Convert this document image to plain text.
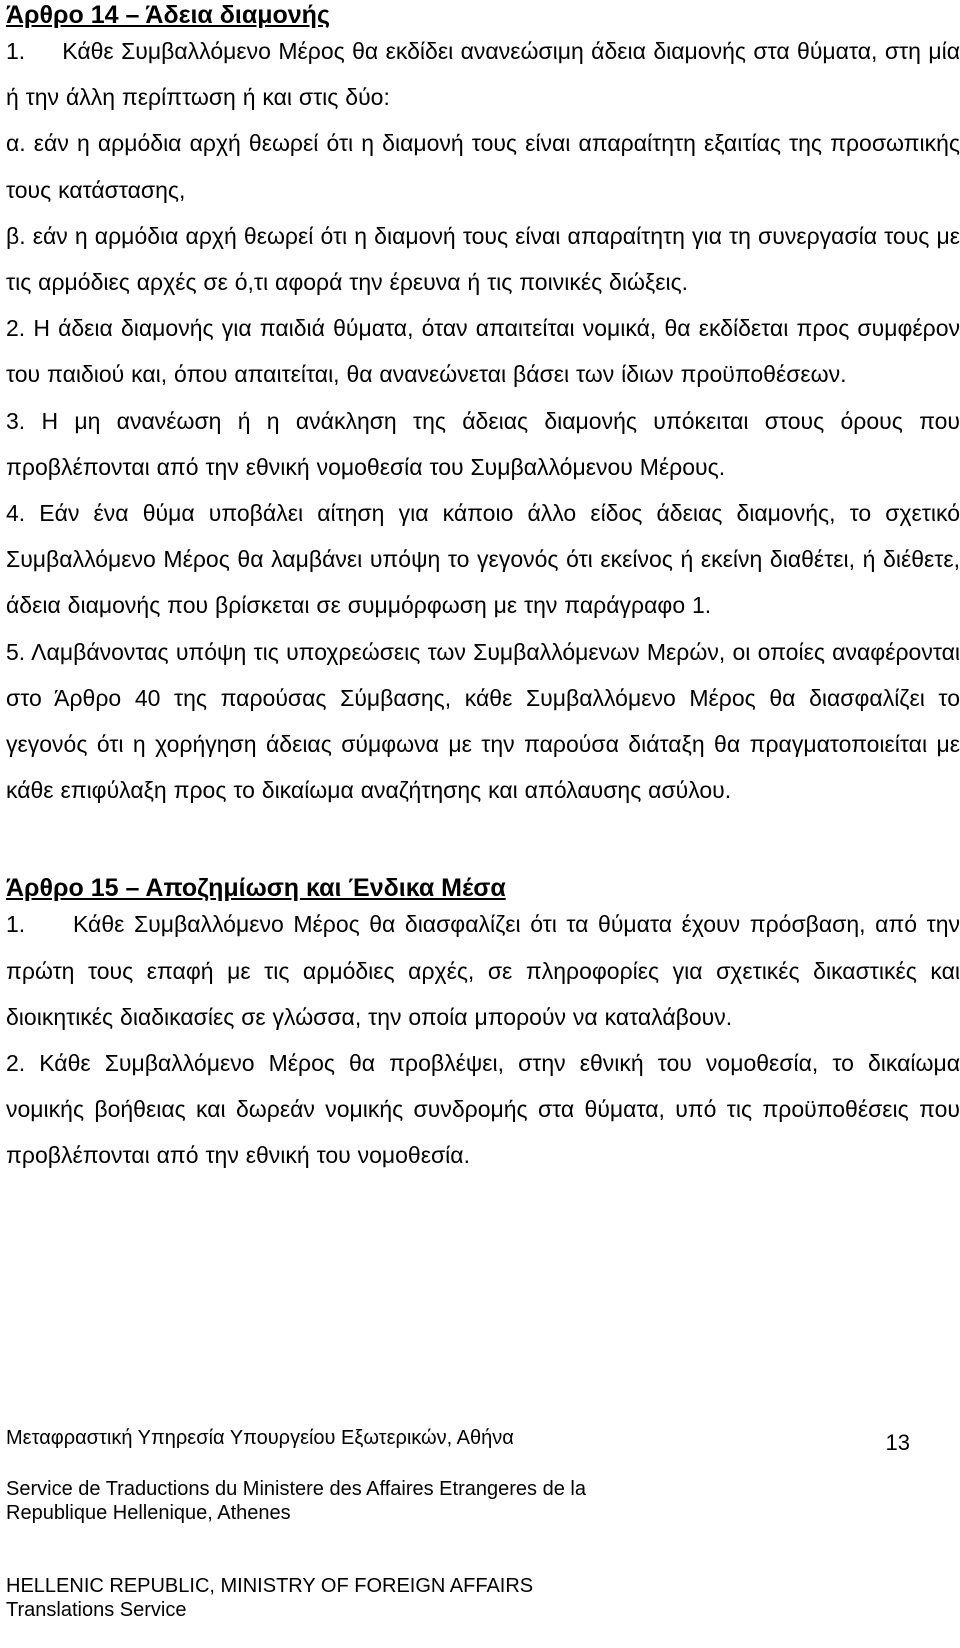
Άρθρο 14 – Άδεια διαμονής

1.     Κάθε Συμβαλλόμενο Μέρος θα εκδίδει ανανεώσιμη άδεια διαμονής στα θύματα, στη μία ή την άλλη περίπτωση ή και στις δύο:

α. εάν η αρμόδια αρχή θεωρεί ότι η διαμονή τους είναι απαραίτητη εξαιτίας της προσωπικής τους κατάστασης,

β. εάν η αρμόδια αρχή θεωρεί ότι η διαμονή τους είναι απαραίτητη για τη συνεργασία τους με τις αρμόδιες αρχές σε ό,τι αφορά την έρευνα ή τις ποινικές διώξεις.

2. Η άδεια διαμονής για παιδιά θύματα, όταν απαιτείται νομικά, θα εκδίδεται προς συμφέρον του παιδιού και, όπου απαιτείται, θα ανανεώνεται βάσει των ίδιων προϋποθέσεων.

3. Η μη ανανέωση ή η ανάκληση της άδειας διαμονής υπόκειται στους όρους που προβλέπονται από την εθνική νομοθεσία του Συμβαλλόμενου Μέρους.

4. Εάν ένα θύμα υποβάλει αίτηση για κάποιο άλλο είδος άδειας διαμονής, το σχετικό Συμβαλλόμενο Μέρος θα λαμβάνει υπόψη το γεγονός ότι εκείνος ή εκείνη διαθέτει, ή διέθετε, άδεια διαμονής που βρίσκεται σε συμμόρφωση με την παράγραφο 1.

5. Λαμβάνοντας υπόψη τις υποχρεώσεις των Συμβαλλόμενων Μερών, οι οποίες αναφέρονται στο Άρθρο 40 της παρούσας Σύμβασης, κάθε Συμβαλλόμενο Μέρος θα διασφαλίζει το γεγονός ότι η χορήγηση άδειας σύμφωνα με την παρούσα διάταξη θα πραγματοποιείται με κάθε επιφύλαξη προς το δικαίωμα αναζήτησης και απόλαυσης ασύλου.

Άρθρο 15 – Αποζημίωση και Ένδικα Μέσα

1.     Κάθε Συμβαλλόμενο Μέρος θα διασφαλίζει ότι τα θύματα έχουν πρόσβαση, από την πρώτη τους επαφή με τις αρμόδιες αρχές, σε πληροφορίες για σχετικές δικαστικές και διοικητικές διαδικασίες σε γλώσσα, την οποία μπορούν να καταλάβουν.

2. Κάθε Συμβαλλόμενο Μέρος θα προβλέψει, στην εθνική του νομοθεσία, το δικαίωμα νομικής βοήθειας και δωρεάν νομικής συνδρομής στα θύματα, υπό τις προϋποθέσεις που προβλέπονται από την εθνική του νομοθεσία.

Μεταφραστική Υπηρεσία Υπουργείου Εξωτερικών, Αθήνα	13
Service de Traductions du Ministere des Affaires Etrangeres de la
Republique Hellenique, Athenes
HELLENIC REPUBLIC, MINISTRY OF FOREIGN AFFAIRS
Translations Service
